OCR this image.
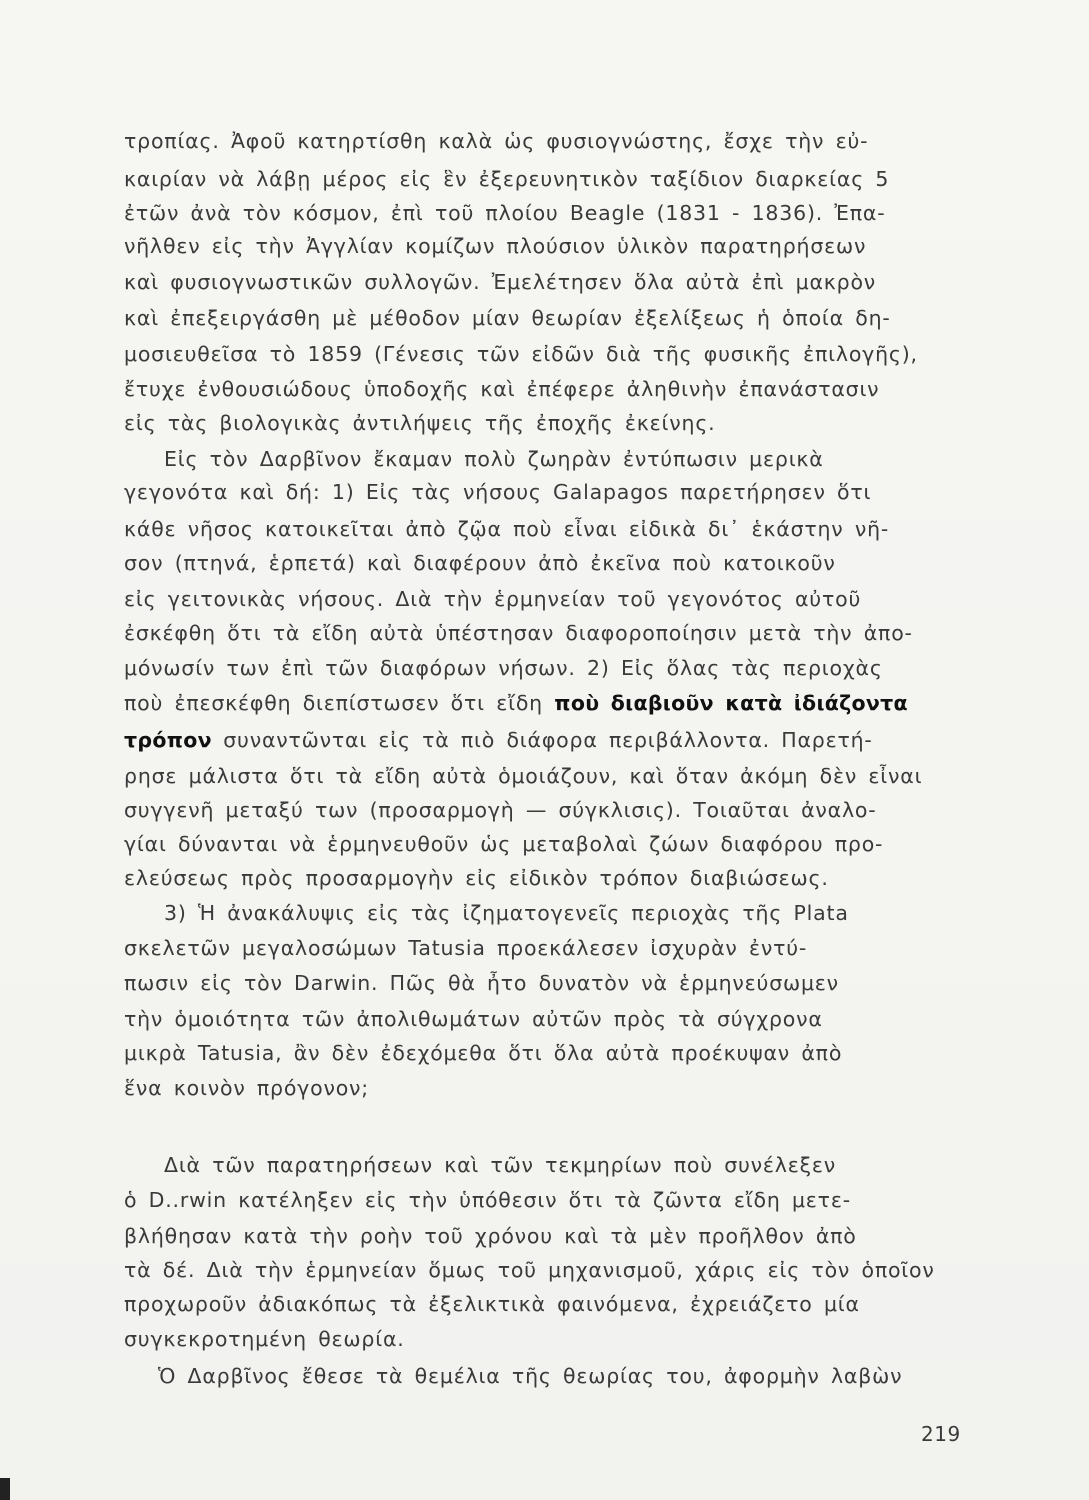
τροπίας. Ἀφοῦ κατηρτίσθη καλὰ ὡς φυσιογνώστης, ἔσχε τὴν εὐ-
καιρίαν νὰ λάβῃ μέρος εἰς ἓν ἐξερευνητικὸν ταξίδιον διαρκείας 5
ἐτῶν ἀνὰ τὸν κόσμον, ἐπὶ τοῦ πλοίου Beagle (1831 - 1836). Ἐπα-
νῆλθεν εἰς τὴν Ἀγγλίαν κομίζων πλούσιον ὑλικὸν παρατηρήσεων
καὶ φυσιογνωστικῶν συλλογῶν. Ἐμελέτησεν ὅλα αὐτὰ ἐπὶ μακρὸν
καὶ ἐπεξειργάσθη μὲ μέθοδον μίαν θεωρίαν ἐξελίξεως ἡ ὁποία δη-
μοσιευθεῖσα τὸ 1859 (Γένεσις τῶν εἰδῶν διὰ τῆς φυσικῆς ἐπιλογῆς),
ἔτυχε ἐνθουσιώδους ὑποδοχῆς καὶ ἐπέφερε ἀληθινὴν ἐπανάστασιν
εἰς τὰς βιολογικὰς ἀντιλήψεις τῆς ἐποχῆς ἐκείνης.
Εἰς τὸν Δαρβῖνον ἔκαμαν πολὺ ζωηρὰν ἐντύπωσιν μερικὰ
γεγονότα καὶ δή: 1) Εἰς τὰς νήσους Galapagos παρετήρησεν ὅτι
κάθε νῆσος κατοικεῖται ἀπὸ ζῷα ποὺ εἶναι εἰδικὰ δι᾽ ἑκάστην νῆ-
σον (πτηνά, ἑρπετά) καὶ διαφέρουν ἀπὸ ἐκεῖνα ποὺ κατοικοῦν
εἰς γειτονικὰς νήσους. Διὰ τὴν ἑρμηνείαν τοῦ γεγονότος αὐτοῦ
ἐσκέφθη ὅτι τὰ εἴδη αὐτὰ ὑπέστησαν διαφοροποίησιν μετὰ τὴν ἀπο-
μόνωσίν των ἐπὶ τῶν διαφόρων νήσων. 2) Εἰς ὅλας τὰς περιοχὰς
ποὺ ἐπεσκέφθη διεπίστωσεν ὅτι εἴδη ποὺ διαβιοῦν κατὰ ἰδιάζοντα
τρόπον συναντῶνται εἰς τὰ πιὸ διάφορα περιβάλλοντα. Παρετή-
ρησε μάλιστα ὅτι τὰ εἴδη αὐτὰ ὁμοιάζουν, καὶ ὅταν ἀκόμη δὲν εἶναι
συγγενῆ μεταξύ των (προσαρμογὴ — σύγκλισις). Τοιαῦται ἀναλο-
γίαι δύνανται νὰ ἑρμηνευθοῦν ὡς μεταβολαὶ ζώων διαφόρου προ-
ελεύσεως πρὸς προσαρμογὴν εἰς εἰδικὸν τρόπον διαβιώσεως.
3) Ἡ ἀνακάλυψις εἰς τὰς ἰζηματογενεῖς περιοχὰς τῆς Plata
σκελετῶν μεγαλοσώμων Tatusia προεκάλεσεν ἰσχυρὰν ἐντύ-
πωσιν εἰς τὸν Darwin. Πῶς θὰ ἦτο δυνατὸν νὰ ἑρμηνεύσωμεν
τὴν ὁμοιότητα τῶν ἀπολιθωμάτων αὐτῶν πρὸς τὰ σύγχρονα
μικρὰ Tatusia, ἂν δὲν ἐδεχόμεθα ὅτι ὅλα αὐτὰ προέκυψαν ἀπὸ
ἕνα κοινὸν πρόγονον;
Διὰ τῶν παρατηρήσεων καὶ τῶν τεκμηρίων ποὺ συνέλεξεν
ὁ D..rwin κατέληξεν εἰς τὴν ὑπόθεσιν ὅτι τὰ ζῶντα εἴδη μετε-
βλήθησαν κατὰ τὴν ροὴν τοῦ χρόνου καὶ τὰ μὲν προῆλθον ἀπὸ
τὰ δέ. Διὰ τὴν ἑρμηνείαν ὅμως τοῦ μηχανισμοῦ, χάρις εἰς τὸν ὁποῖον
προχωροῦν ἀδιακόπως τὰ ἐξελικτικὰ φαινόμενα, ἐχρειάζετο μία
συγκεκροτημένη θεωρία.
Ὁ Δαρβῖνος ἔθεσε τὰ θεμέλια τῆς θεωρίας του, ἀφορμὴν λαβὼν
219
